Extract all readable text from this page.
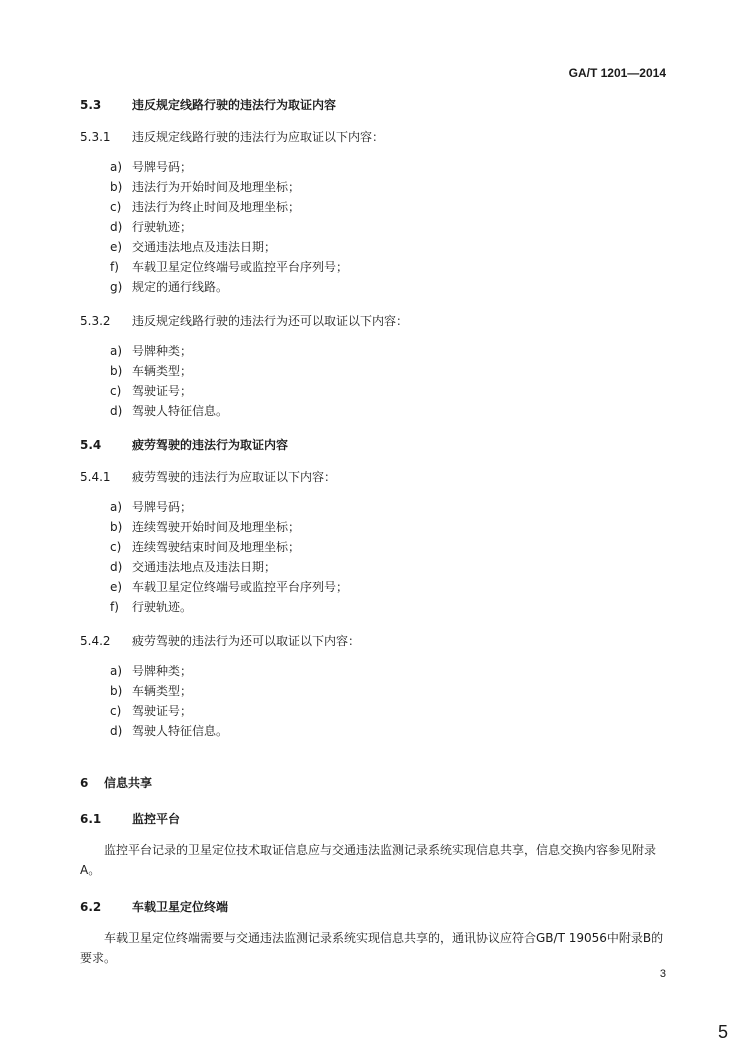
GA/T 1201—2014
5.3	违反规定线路行驶的违法行为取证内容
5.3.1 违反规定线路行驶的违法行为应取证以下内容：
a) 号牌号码；
b) 违法行为开始时间及地理坐标；
c) 违法行为终止时间及地理坐标；
d) 行驶轨迹；
e) 交通违法地点及违法日期；
f)	车载卫星定位终端号或监控平台序列号；
g) 规定的通行线路。
5.3.2 违反规定线路行驶的违法行为还可以取证以下内容：
a) 号牌种类；
b) 车辆类型；
c) 驾驶证号；
d) 驾驶人特征信息。
5.4	疲劳驾驶的违法行为取证内容
5.4.1 疲劳驾驶的违法行为应取证以下内容：
a) 号牌号码；
b) 连续驾驶开始时间及地理坐标；
c) 连续驾驶结束时间及地理坐标；
d) 交通违法地点及违法日期；
e) 车载卫星定位终端号或监控平台序列号；
f)	行驶轨迹。
5.4.2 疲劳驾驶的违法行为还可以取证以下内容：
a) 号牌种类；
b) 车辆类型；
c) 驾驶证号；
d) 驾驶人特征信息。
6 信息共享
6.1	监控平台
监控平台记录的卫星定位技术取证信息应与交通违法监测记录系统实现信息共享，信息交换内容参见附录A。
6.2	车载卫星定位终端
车载卫星定位终端需要与交通违法监测记录系统实现信息共享的，通讯协议应符合GB/T 19056中附录B的要求。
3
5
